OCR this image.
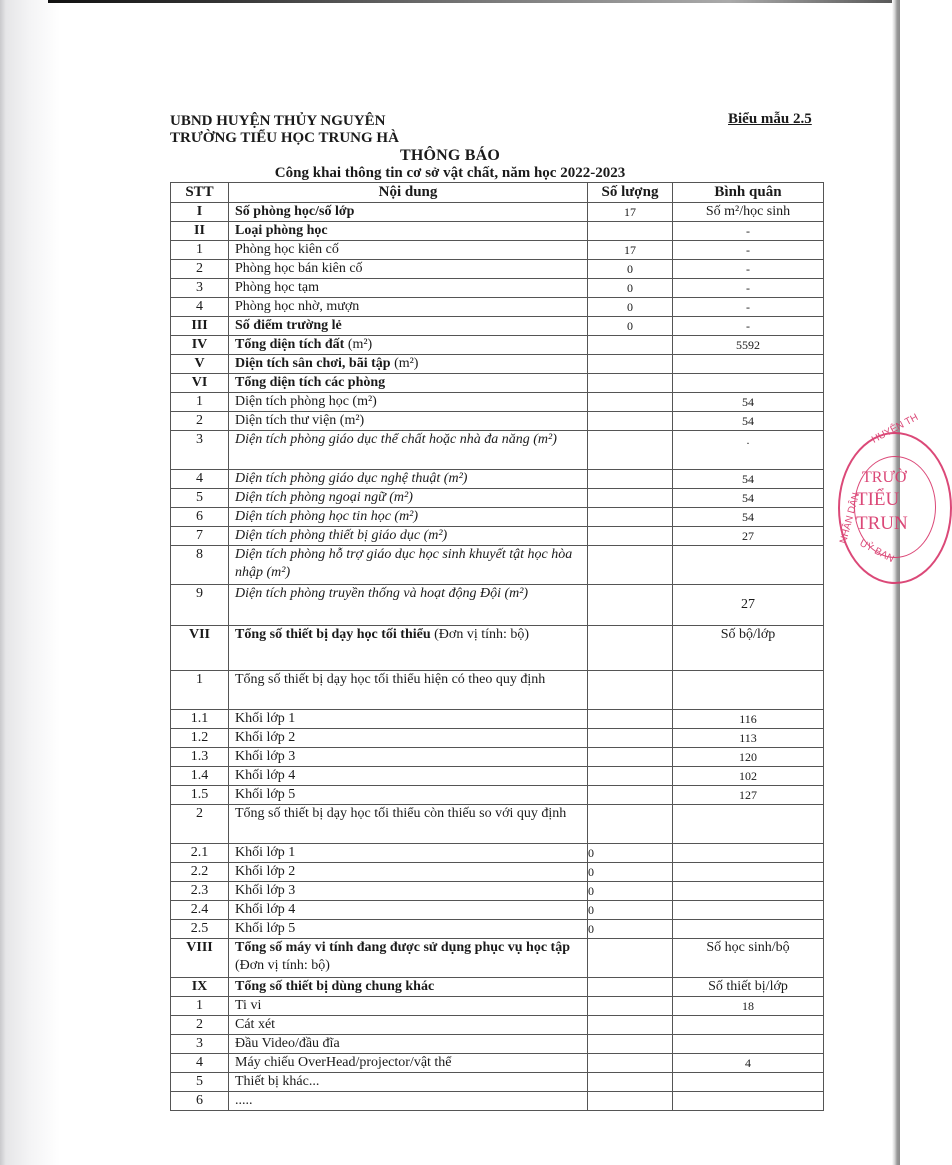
UBND HUYỆN THỦY NGUYÊN
TRƯỜNG TIỂU HỌC TRUNG HÀ
Biểu mẫu 2.5
THÔNG BÁO
Công khai thông tin cơ sở vật chất, năm học 2022-2023
STT	Nội dung	Số lượng	Bình quân
I	Số phòng học/số lớp	17	Số m²/học sinh
II	Loại phòng học		-
1	Phòng học kiên cố	17	-
2	Phòng học bán kiên cố	0	-
3	Phòng học tạm	0	-
4	Phòng học nhờ, mượn	0	-
III	Số điểm trường lẻ	0	-
IV	Tổng diện tích đất (m²)		5592
V	Diện tích sân chơi, bãi tập (m²)		
VI	Tổng diện tích các phòng		
1	Diện tích phòng học (m²)		54
2	Diện tích thư viện (m²)		54
3	Diện tích phòng giáo dục thể chất hoặc nhà đa năng (m²)		.
4	Diện tích phòng giáo dục nghệ thuật (m²)		54
5	Diện tích phòng ngoại ngữ (m²)		54
6	Diện tích phòng học tin học (m²)		54
7	Diện tích phòng thiết bị giáo dục (m²)		27
8	Diện tích phòng hỗ trợ giáo dục học sinh khuyết tật học hòa nhập (m²)		
9	Diện tích phòng truyền thống và hoạt động Đội (m²)		27
VII	Tổng số thiết bị dạy học tối thiểu (Đơn vị tính: bộ)		Số bộ/lớp
1	Tổng số thiết bị dạy học tối thiểu hiện có theo quy định		
1.1	Khối lớp 1		116
1.2	Khối lớp 2		113
1.3	Khối lớp 3		120
1.4	Khối lớp 4		102
1.5	Khối lớp 5		127
2	Tổng số thiết bị dạy học tối thiểu còn thiếu so với quy định		
2.1	Khối lớp 1	0	
2.2	Khối lớp 2	0	
2.3	Khối lớp 3	0	
2.4	Khối lớp 4	0	
2.5	Khối lớp 5	0	
VIII	Tổng số máy vi tính đang được sử dụng phục vụ học tập (Đơn vị tính: bộ)		Số học sinh/bộ
IX	Tổng số thiết bị dùng chung khác		Số thiết bị/lớp
1	Ti vi		18
2	Cát xét		
3	Đầu Video/đầu đĩa		
4	Máy chiếu OverHead/projector/vật thể		4
5	Thiết bị khác...		
6	.....		
HUYỆN TH
NHÂN DÂN
UỶ BAN
TRƯỜ
TIỂU
TRUN
